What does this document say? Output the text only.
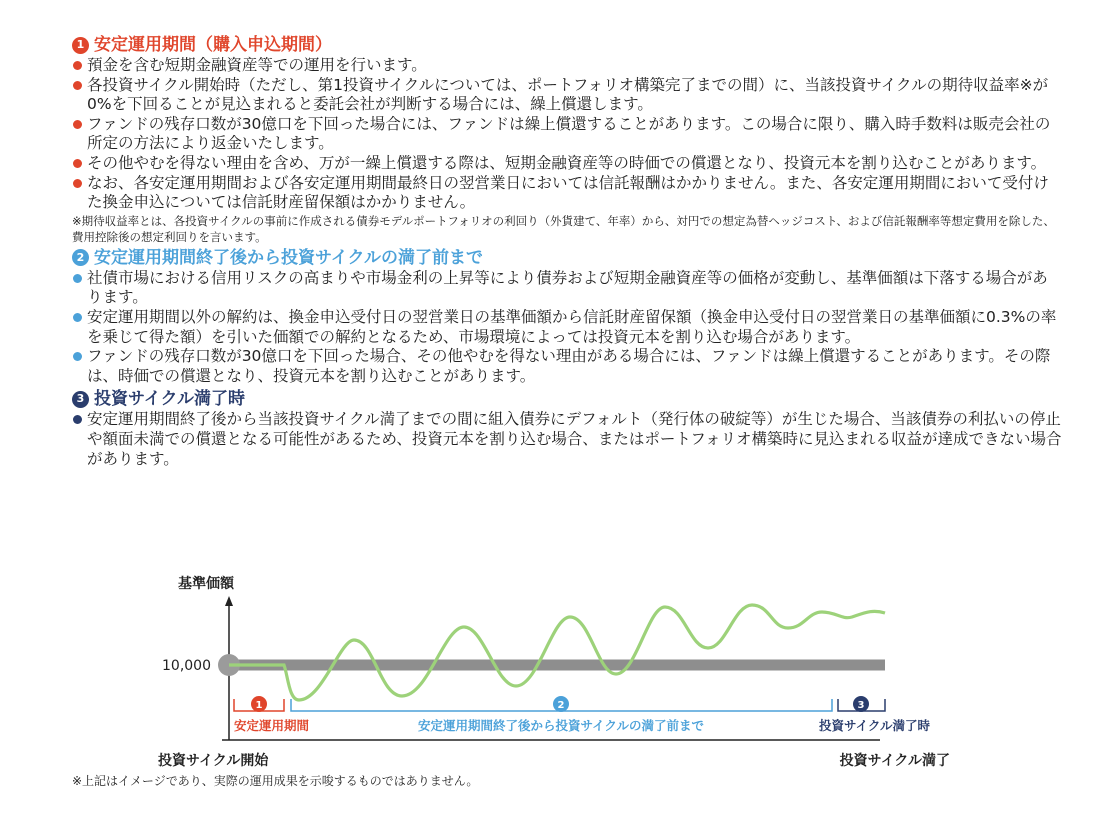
1 安定運用期間（購入申込期間）
預金を含む短期金融資産等での運用を行います。
各投資サイクル開始時（ただし、第1投資サイクルについては、ポートフォリオ構築完了までの間）に、当該投資サイクルの期待収益率※が0%を下回ることが見込まれると委託会社が判断する場合には、繰上償還します。
ファンドの残存口数が30億口を下回った場合には、ファンドは繰上償還することがあります。この場合に限り、購入時手数料は販売会社の所定の方法により返金いたします。
その他やむを得ない理由を含め、万が一繰上償還する際は、短期金融資産等の時価での償還となり、投資元本を割り込むことがあります。
なお、各安定運用期間および各安定運用期間最終日の翌営業日においては信託報酬はかかりません。また、各安定運用期間において受付けた換金申込については信託財産留保額はかかりません。
※期待収益率とは、各投資サイクルの事前に作成される債券モデルポートフォリオの利回り（外貨建て、年率）から、対円での想定為替ヘッジコスト、および信託報酬率等想定費用を除した、費用控除後の想定利回りを言います。
2 安定運用期間終了後から投資サイクルの満了前まで
社債市場における信用リスクの高まりや市場金利の上昇等により債券および短期金融資産等の価格が変動し、基準価額は下落する場合があります。
安定運用期間以外の解約は、換金申込受付日の翌営業日の基準価額から信託財産留保額（換金申込受付日の翌営業日の基準価額に0.3%の率を乗じて得た額）を引いた価額での解約となるため、市場環境によっては投資元本を割り込む場合があります。
ファンドの残存口数が30億口を下回った場合、その他やむを得ない理由がある場合には、ファンドは繰上償還することがあります。その際は、時価での償還となり、投資元本を割り込むことがあります。
3 投資サイクル満了時
安定運用期間終了後から当該投資サイクル満了までの間に組入債券にデフォルト（発行体の破綻等）が生じた場合、当該債券の利払いの停止や額面未満での償還となる可能性があるため、投資元本を割り込む場合、またはポートフォリオ構築時に見込まれる収益が達成できない場合があります。
1	2	3
基準価額
10,000
安定運用期間	安定運用期間終了後から投資サイクルの満了前まで	投資サイクル満了時
投資サイクル開始	投資サイクル満了
※上記はイメージであり、実際の運用成果を示唆するものではありません。
